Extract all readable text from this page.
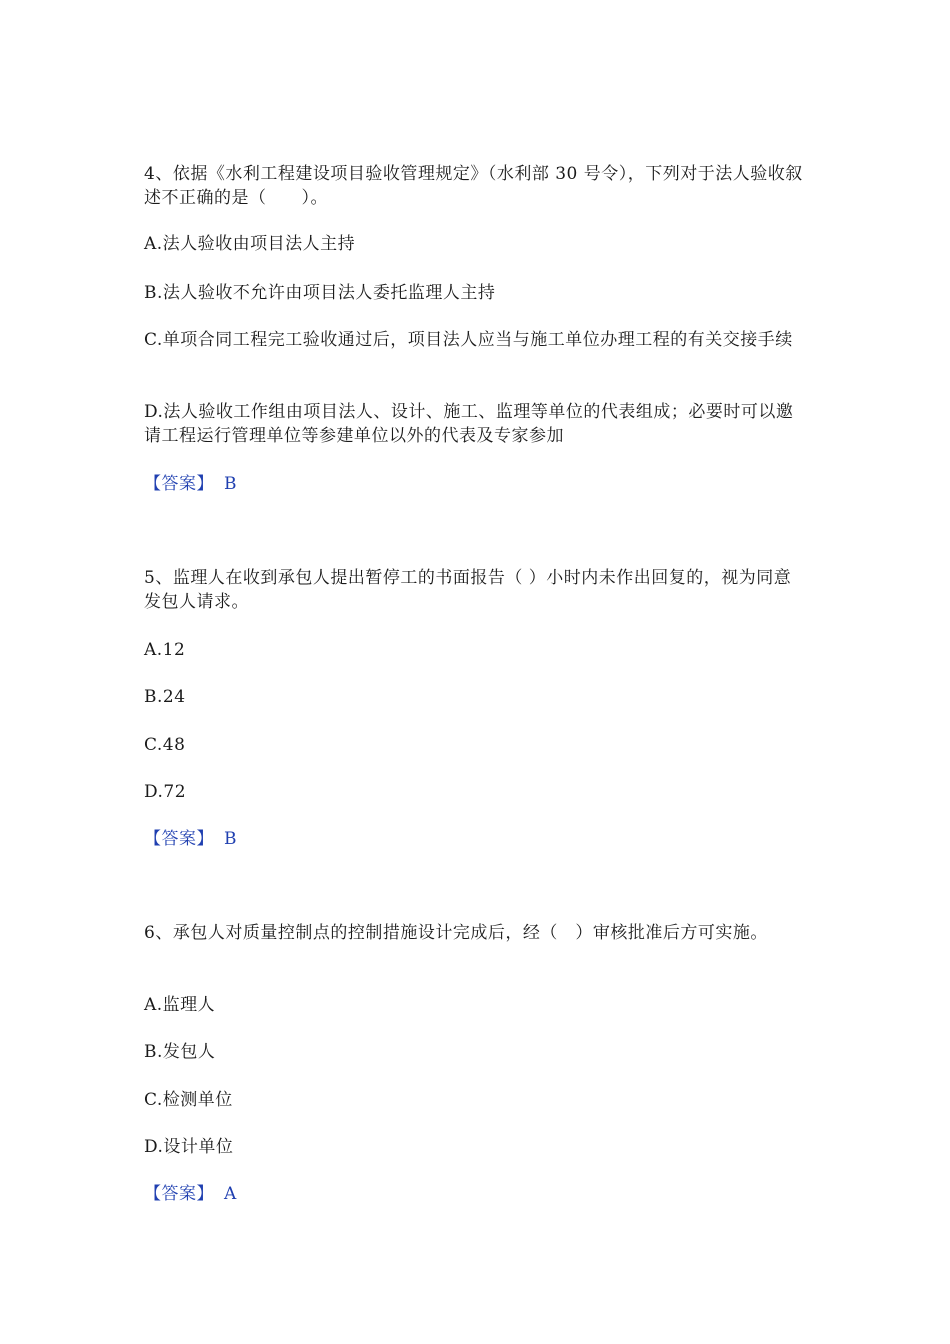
4、依据《水利工程建设项目验收管理规定》（水利部 30 号令），下列对于法人验收叙述不正确的是（　　）。
A.法人验收由项目法人主持
B.法人验收不允许由项目法人委托监理人主持
C.单项合同工程完工验收通过后，项目法人应当与施工单位办理工程的有关交接手续
D.法人验收工作组由项目法人、设计、施工、监理等单位的代表组成；必要时可以邀请工程运行管理单位等参建单位以外的代表及专家参加
【答案】 B
5、监理人在收到承包人提出暂停工的书面报告（ ）小时内未作出回复的，视为同意发包人请求。
A.12
B.24
C.48
D.72
【答案】 B
6、承包人对质量控制点的控制措施设计完成后，经（　）审核批准后方可实施。
A.监理人
B.发包人
C.检测单位
D.设计单位
【答案】 A
